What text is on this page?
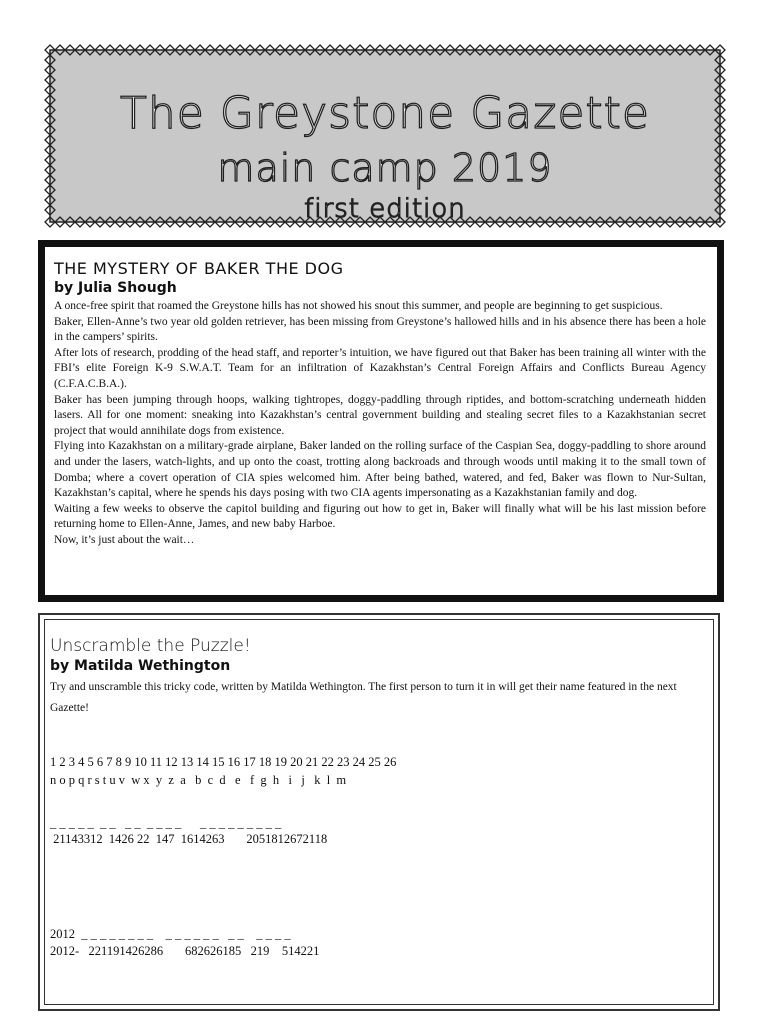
The Greystone Gazette
main camp 2019
first edition
THE MYSTERY OF BAKER THE DOG

by Julia Shough

A once-free spirit that roamed the Greystone hills has not showed his snout this summer, and people are beginning to get suspicious.

Baker, Ellen-Anne’s two year old golden retriever, has been missing from Greystone’s hallowed hills and in his absence there has been a hole in the campers’ spirits.

After lots of research, prodding of the head staff, and reporter’s intuition, we have figured out that Baker has been training all winter with the FBI’s elite Foreign K-9 S.W.A.T. Team for an infiltration of Kazakhstan’s Central Foreign Affairs and Conflicts Bureau Agency (C.F.A.C.B.A.).

Baker has been jumping through hoops, walking tightropes, doggy-paddling through riptides, and bottom-scratching underneath hidden lasers. All for one moment: sneaking into Kazakhstan’s central government building and stealing secret files to a Kazakhstanian secret project that would annihilate dogs from existence.

Flying into Kazakhstan on a military-grade airplane, Baker landed on the rolling surface of the Caspian Sea, doggy-paddling to shore around and under the lasers, watch-lights, and up onto the coast, trotting along backroads and through woods until making it to the small town of Domba; where a covert operation of CIA spies welcomed him. After being bathed, watered, and fed, Baker was flown to Nur-Sultan, Kazakhstan’s capital, where he spends his days posing with two CIA agents impersonating as a Kazakhstanian family and dog.

Waiting a few weeks to observe the capitol building and figuring out how to get in, Baker will finally what will be his last mission before returning home to Ellen-Anne, James, and new baby Harboe.

Now, it’s just about the wait…

Unscramble the Puzzle!

by Matilda Wethington

Try and unscramble this tricky code, written by Matilda Wethington. The first person to turn it in will get their name featured in the next Gazette!

1 2 3 4 5 6 7 8 9 10 11 12 13 14 15 16 17 18 19 20 21 22 23 24 25 26

n o p q r s t u v  w x  y  z  a   b  c  d   e   f  g  h   i   j   k  l  m

_ _ _ _ _  _ _   _ _  _ _ _ _      _ _ _ _ _ _ _ _ _

21143312  1426 22  147  1614263       2051812672118

2012  _ _ _ _ _ _ _ _    _ _ _ _ _ _   _ _    _ _ _ _

2012-   221191426286       682626185   219    514221
